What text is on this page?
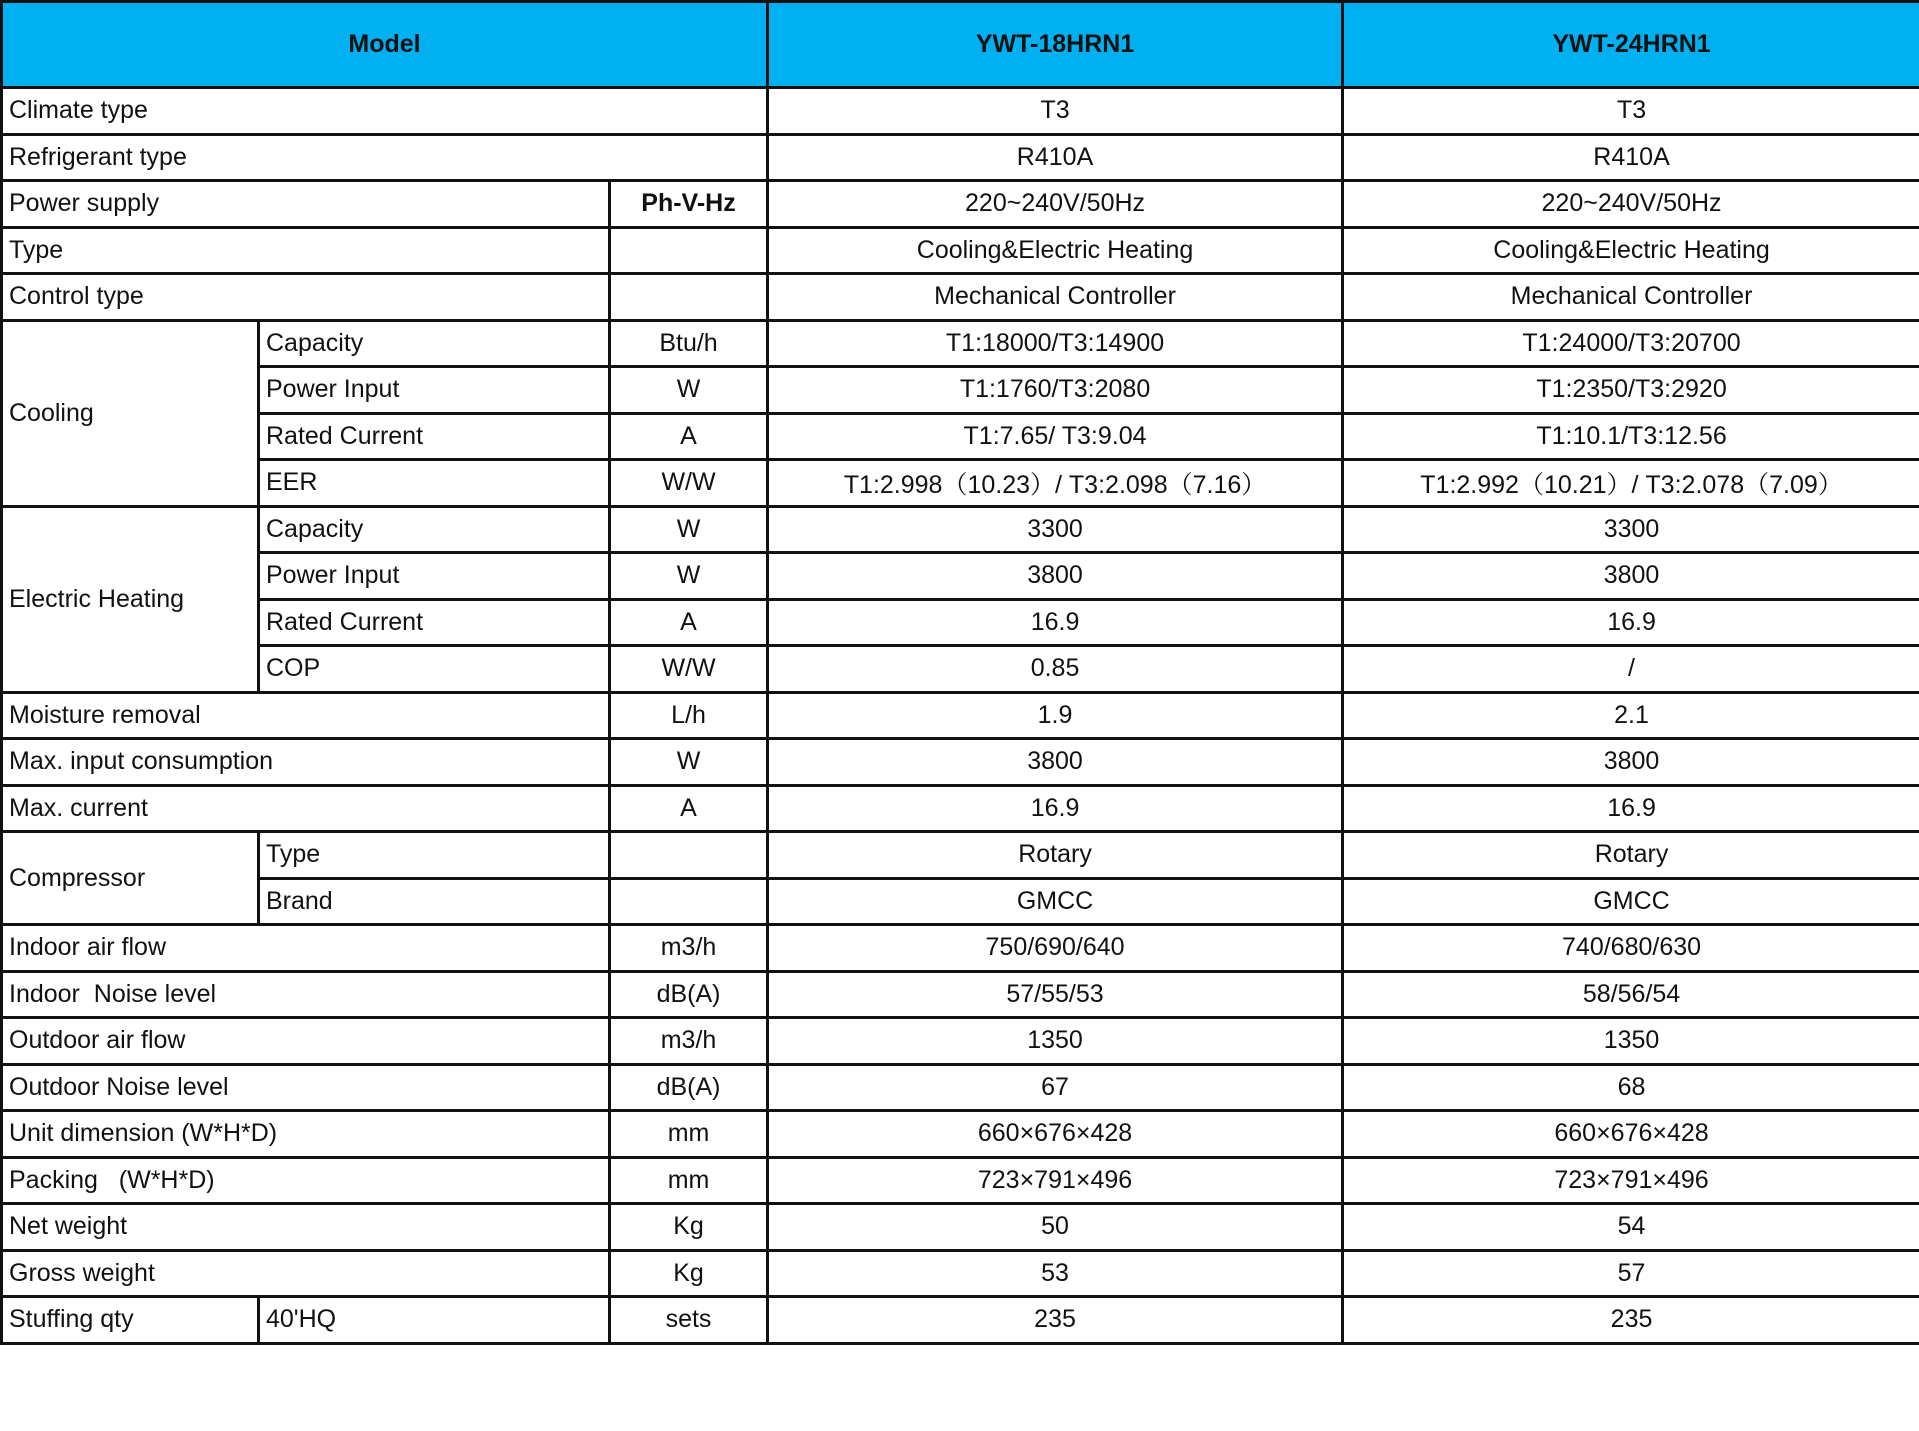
Model			YWT-18HRN1	YWT-24HRN1
Climate type			T3	T3
Refrigerant type			R410A	R410A
Power supply		Ph-V-Hz	220~240V/50Hz	220~240V/50Hz
Type			Cooling&Electric Heating	Cooling&Electric Heating
Control type			Mechanical Controller	Mechanical Controller
Cooling	Capacity	Btu/h	T1:18000/T3:14900	T1:24000/T3:20700
	Power Input	W	T1:1760/T3:2080	T1:2350/T3:2920
	Rated Current	A	T1:7.65/ T3:9.04	T1:10.1/T3:12.56
	EER	W/W	T1:2.998（10.23）/ T3:2.098（7.16）	T1:2.992（10.21）/ T3:2.078（7.09）
Electric Heating	Capacity	W	3300	3300
	Power Input	W	3800	3800
	Rated Current	A	16.9	16.9
	COP	W/W	0.85	/
Moisture removal		L/h	1.9	2.1
Max. input consumption		W	3800	3800
Max. current		A	16.9	16.9
Compressor	Type		Rotary	Rotary
	Brand		GMCC	GMCC
Indoor air flow		m3/h	750/690/640	740/680/630
Indoor  Noise level		dB(A)	57/55/53	58/56/54
Outdoor air flow		m3/h	1350	1350
Outdoor Noise level		dB(A)	67	68
Unit dimension (W*H*D)		mm	660×676×428	660×676×428
Packing   (W*H*D)		mm	723×791×496	723×791×496
Net weight		Kg	50	54
Gross weight		Kg	53	57
Stuffing qty	40'HQ	sets	235	235
